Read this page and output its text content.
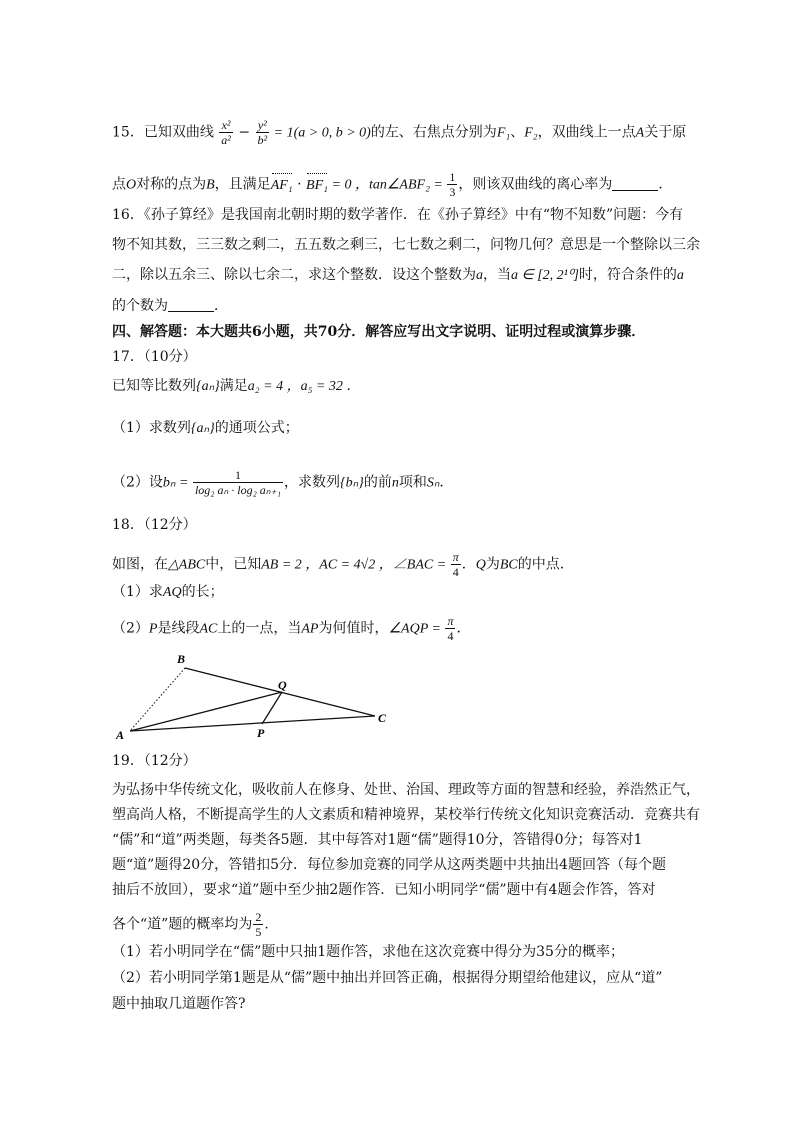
15．已知双曲线 $\frac{\text{x²}}{\text{a²}} - \frac{\text{y²}}{\text{b²}} = 1(a > 0$, b > 0)的左、右焦点分别为F₁、F₂，双曲线上一点A关于原
点O对称的点为B，且满足AF₁ · BF₁ = 0 ，tan∠ABF₂ = $\frac{1}{3}$ ，则该双曲线的离心率为	．
16．《孙子算经》是我国南北朝时期的数学著作．在《孙子算经》中有“物不知数”问题：今有
物不知其数，三三数之剩二，五五数之剩三，七七数之剩二，问物几何？意思是一个整除以三余
二，除以五余三、除以七余二，求这个整数．设这个整数为a，当a ∈ [2, 2¹⁰]时，符合条件的a
的个数为	．
四、解答题：本大题共6小题，共70分．解答应写出文字说明、证明过程或演算步骤．
17．（10分）
已知等比数列{aₙ}满足a₂ = 4 ，a₅ = 32 ．
（1）求数列{aₙ}的通项公式；
（2）设$b_n = \frac{1}{\text{log₂ aₙ · log₂ aₙ₊₁}}$ ，求数列{bₙ}的前n项和Sₙ．
18．（12分）
如图，在△ABC中，已知AB = 2 ，AC = 4√2 ，∠BAC = $\frac{\pi}{4}$ ．Q为BC的中点．
（1）求AQ的长；
（2）P是线段AC上的一点，当AP为何值时，∠AQP = $\frac{\pi}{4}$ ．
B
Q
C
A	P
19．（12分）
为弘扬中华传统文化，吸收前人在修身、处世、治国、理政等方面的智慧和经验，养浩然正气，
塑高尚人格，不断提高学生的人文素质和精神境界，某校举行传统文化知识竞赛活动．竞赛共有
“儒”和“道”两类题，每类各5题．其中每答对1题“儒”题得10分，答错得0分；每答对1
题“道”题得20分，答错扣5分．每位参加竞赛的同学从这两类题中共抽出4题回答（每个题
抽后不放回），要求“道”题中至少抽2题作答．已知小明同学“儒”题中有4题会作答，答对
各个“道”题的概率均为 $\frac{2}{5}$ .
（1）若小明同学在“儒”题中只抽1题作答，求他在这次竞赛中得分为35分的概率；
（2）若小明同学第1题是从“儒”题中抽出并回答正确，根据得分期望给他建议，应从“道”
题中抽取几道题作答?
